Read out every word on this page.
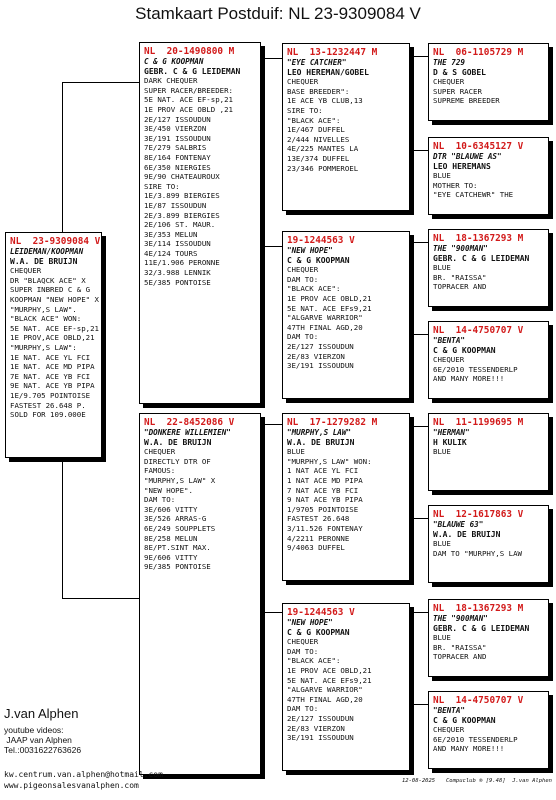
Stamkaart Postduif: NL 23-9309084 V
NL  23-9309084 V
LEIDEMAN/KOOPMAN
W.A. DE BRUIJN
CHEQUER
DR "BLAQCK ACE" X
SUPER INBRED C & G
KOOPMAN "NEW HOPE" X
"MURPHY,S LAW".
"BLACK ACE" WON:
5E NAT. ACE EF-sp,21
1E PROV,ACE OBLD,21
"MURPHY,S LAW":
1E NAT. ACE YL FCI
1E NAT. ACE MD PIPA
7E NAT. ACE YB FCI
9E NAT. ACE YB PIPA
1E/9.705 POINTOISE
FASTEST 26.648 P.
SOLD FOR 109.000E
NL  20-1490800 M
C & G KOOPMAN
GEBR. C & G LEIDEMAN
DARK CHEQUER
SUPER RACER/BREEDER:
5E NAT. ACE EF-sp,21
1E PROV ACE OBLD ,21
2E/127 ISSOUDUN
3E/450 VIERZON
3E/191 ISSOUDUN
7E/279 SALBRIS
8E/164 FONTENAY
6E/350 NIERGIES
9E/90 CHATEAUROUX
SIRE TO:
1E/3.899 BIERGIES
1E/87 ISSOUDUN
2E/3.899 BIERGIES
2E/106 ST. MAUR.
3E/353 MELUN
3E/114 ISSOUDUN
4E/124 TOURS
11E/1.906 PERONNE
32/3.988 LENNIK
5E/385 PONTOISE
NL  22-8452086 V
"DONKERE WILLEMIEN"
W.A. DE BRUIJN
CHEQUER
DIRECTLY DTR OF
FAMOUS:
"MURPHY,S LAW" X
"NEW HOPE".
DAM TO:
3E/606 VITTY
3E/526 ARRAS-G
6E/249 SOUPPLETS
8E/258 MELUN
8E/PT.SINT MAX.
9E/606 VITTY
9E/385 PONTOISE
NL  13-1232447 M
"EYE CATCHER"
LEO HEREMAN/GOBEL
CHEQUER
BASE BREEDER":
1E ACE YB CLUB,13
SIRE TO:
"BLACK ACE":
1E/467 DUFFEL
2/444 NIVELLES
4E/225 MANTES LA
13E/374 DUFFEL
23/346 POMMEROEL
19-1244563 V
"NEW HOPE"
C & G KOOPMAN
CHEQUER
DAM TO:
"BLACK ACE":
1E PROV ACE OBLD,21
5E NAT. ACE EFs9,21
"ALGARVE WARRIOR"
47TH FINAL AGD,20
DAM TO:
2E/127 ISSOUDUN
2E/83 VIERZON
3E/191 ISSOUDUN
NL  17-1279282 M
"MURPHY,S LAW"
W.A. DE BRUIJN
BLUE
"MURPHY,S LAW" WON:
1 NAT ACE YL FCI
1 NAT ACE MD PIPA
7 NAT ACE YB FCI
9 NAT ACE YB PIPA
1/9705 POINTOISE
FASTEST 26.648
3/11.526 FONTENAY
4/2211 PERONNE
9/4063 DUFFEL
19-1244563 V
"NEW HOPE"
C & G KOOPMAN
CHEQUER
DAM TO:
"BLACK ACE":
1E PROV ACE OBLD,21
5E NAT. ACE EFs9,21
"ALGARVE WARRIOR"
47TH FINAL AGD,20
DAM TO:
2E/127 ISSOUDUN
2E/83 VIERZON
3E/191 ISSOUDUN
NL  06-1105729 M
THE 729
D & S GOBEL
CHEQUER
SUPER RACER
SUPREME BREEDER
NL  10-6345127 V
DTR "BLAUWE AS"
LEO HEREMANS
BLUE
MOTHER TO:
"EYE CATCHEWR" THE
NL  18-1367293 M
THE "900MAN"
GEBR. C & G LEIDEMAN
BLUE
BR. "RAISSA"
TOPRACER AND
NL  14-4750707 V
"BENTA"
C & G KOOPMAN
CHEQUER
6E/2010 TESSENDERLP
AND MANY MORE!!!
NL  11-1199695 M
"HERMAN"
H KULIK
BLUE
NL  12-1617863 V
"BLAUWE 63"
W.A. DE BRUIJN
BLUE
DAM TO "MURPHY,S LAW
NL  18-1367293 M
THE "900MAN"
GEBR. C & G LEIDEMAN
BLUE
BR. "RAISSA"
TOPRACER AND
NL  14-4750707 V
"BENTA"
C & G KOOPMAN
CHEQUER
6E/2010 TESSENDERLP
AND MANY MORE!!!
J.van Alphen
youtube videos:
JAAP van Alphen
Tel.:0031622763626
kw.centrum.van.alphen@hotmail.com
www.pigeonsalesvanalphen.com	12-08-2025 Compuclub ® [9.48]  J.van Alphen
